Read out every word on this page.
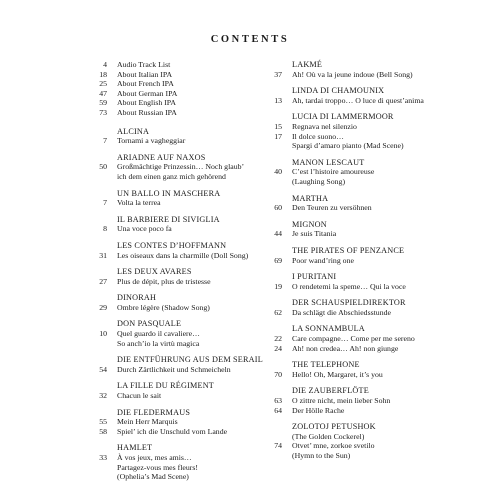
CONTENTS
4	Audio Track List
18	About Italian IPA
25	About French IPA
47	About German IPA
59	About English IPA
73	About Russian IPA
ALCINA
7	Tornami a vagheggiar
ARIADNE AUF NAXOS
50	Großmächtige Prinzessin… Noch glaub’
ich dem einen ganz mich gehörend
UN BALLO IN MASCHERA
7	Volta la terrea
IL BARBIERE DI SIVIGLIA
8	Una voce poco fa
LES CONTES D’HOFFMANN
31	Les oiseaux dans la charmille (Doll Song)
LES DEUX AVARES
27	Plus de dépit, plus de tristesse
DINORAH
29	Ombre légère (Shadow Song)
DON PASQUALE
10	Quel guardo il cavaliere…
So anch’io la virtù magica
DIE ENTFÜHRUNG AUS DEM SERAIL
54	Durch Zärtlichkeit und Schmeicheln
LA FILLE DU RÉGIMENT
32	Chacun le sait
DIE FLEDERMAUS
55	Mein Herr Marquis
58	Spiel’ ich die Unschuld vom Lande
HAMLET
33	À vos jeux, mes amis…
Partagez-vous mes fleurs!
(Ophelia’s Mad Scene)
LAKMÉ
37	Ah! Où va la jeune indoue (Bell Song)
LINDA DI CHAMOUNIX
13	Ah, tardai troppo… O luce di quest’anima
LUCIA DI LAMMERMOOR
15	Regnava nel silenzio
17	Il dolce suono…
Spargi d’amaro pianto (Mad Scene)
MANON LESCAUT
40	C’est l’histoire amoureuse
(Laughing Song)
MARTHA
60	Den Teuren zu versöhnen
MIGNON
44	Je suis Titania
THE PIRATES OF PENZANCE
69	Poor wand’ring one
I PURITANI
19	O rendetemi la speme… Qui la voce
DER SCHAUSPIELDIREKTOR
62	Da schlägt die Abschiedsstunde
LA SONNAMBULA
22	Care compagne… Come per me sereno
24	Ah! non credea… Ah! non giunge
THE TELEPHONE
70	Hello! Oh, Margaret, it’s you
DIE ZAUBERFLÖTE
63	O zittre nicht, mein lieber Sohn
64	Der Hölle Rache
ZOLOTOJ PETUSHOK
(The Golden Cockerel)
74	Otvet’ mne, zorkoe svetilo
(Hymn to the Sun)
